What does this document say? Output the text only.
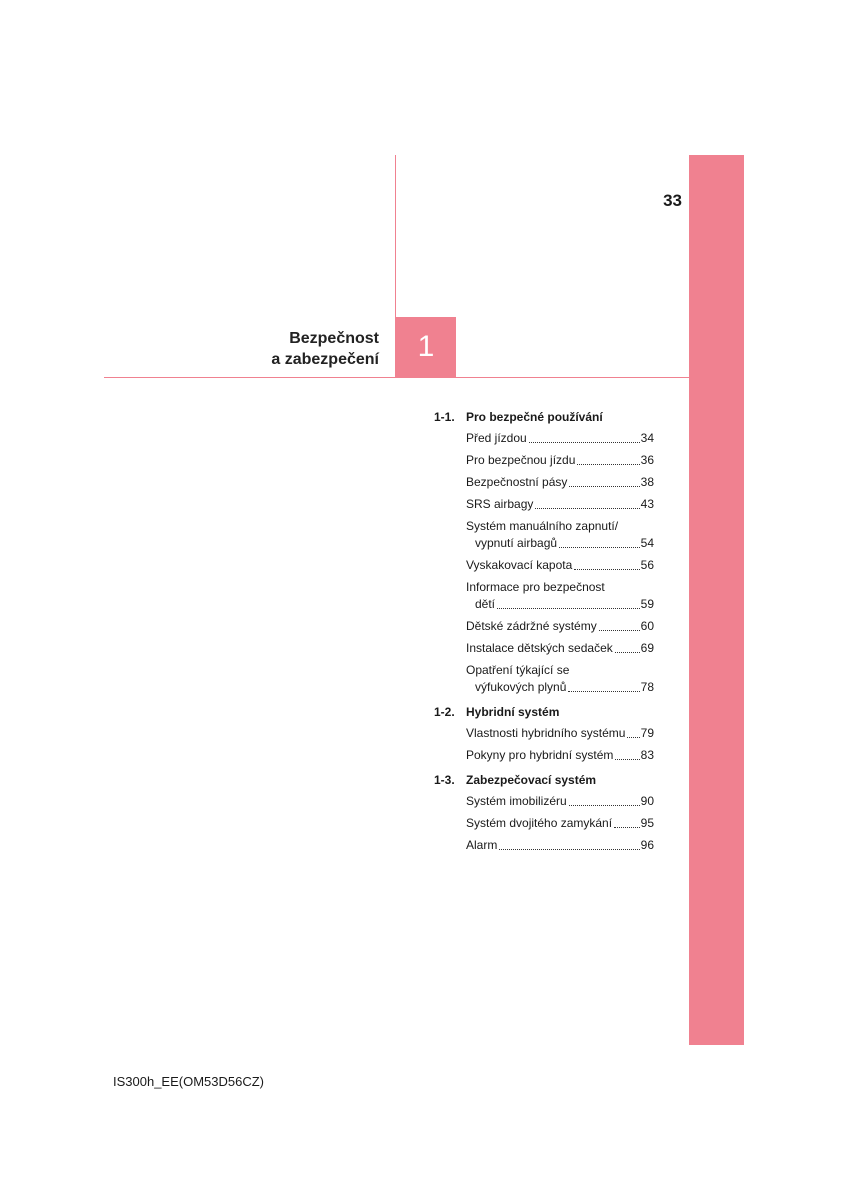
33
Bezpečnost
a zabezpečení	1
1-1. Pro bezpečné používání
Před jízdou	34
Pro bezpečnou jízdu	36
Bezpečnostní pásy	38
SRS airbagy	43
Systém manuálního zapnutí/
vypnutí airbagů	54
Vyskakovací kapota	56
Informace pro bezpečnost
dětí	59
Dětské zádržné systémy	60
Instalace dětských sedaček 69
Opatření týkající se
výfukových plynů	78
1-2. Hybridní systém
Vlastnosti hybridního systému 79
Pokyny pro hybridní systém 83
1-3. Zabezpečovací systém
Systém imobilizéru	90
Systém dvojitého zamykání 95
Alarm	96
IS300h_EE(OM53D56CZ)
